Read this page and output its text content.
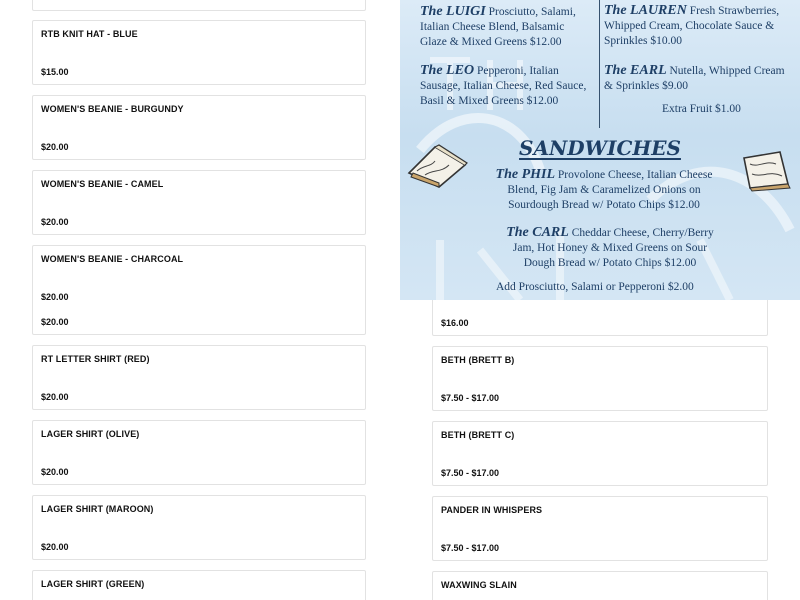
RTB KNIT HAT - BLUE
$15.00
WOMEN'S BEANIE - BURGUNDY
$20.00
WOMEN'S BEANIE - CAMEL
$20.00
WOMEN'S BEANIE - CHARCOAL
$20.00
$20.00
RT LETTER SHIRT (RED)
$20.00
LAGER SHIRT (OLIVE)
$20.00
LAGER SHIRT (MAROON)
$20.00
LAGER SHIRT (GREEN)
$16.00
BETH (BRETT B)
$7.50 - $17.00
BETH (BRETT C)
$7.50 - $17.00
PANDER IN WHISPERS
$7.50 - $17.00
WAXWING SLAIN
​
The LUIGI Prosciutto, Salami,
Italian Cheese Blend, Balsamic
Glaze & Mixed Greens $12.00
The LEO Pepperoni, Italian
Sausage, Italian Cheese, Red Sauce,
Basil & Mixed Greens $12.00
The LAUREN Fresh Strawberries,
Whipped Cream, Chocolate Sauce &
Sprinkles $10.00
The EARL Nutella, Whipped Cream
& Sprinkles $9.00
Extra Fruit $1.00
SANDWICHES
The PHIL Provolone Cheese, Italian Cheese
Blend, Fig Jam & Caramelized Onions on
Sourdough Bread w/ Potato Chips $12.00
The CARL Cheddar Cheese, Cherry/Berry
Jam, Hot Honey & Mixed Greens on Sour
Dough Bread w/ Potato Chips $12.00
Add Prosciutto, Salami or Pepperoni $2.00
